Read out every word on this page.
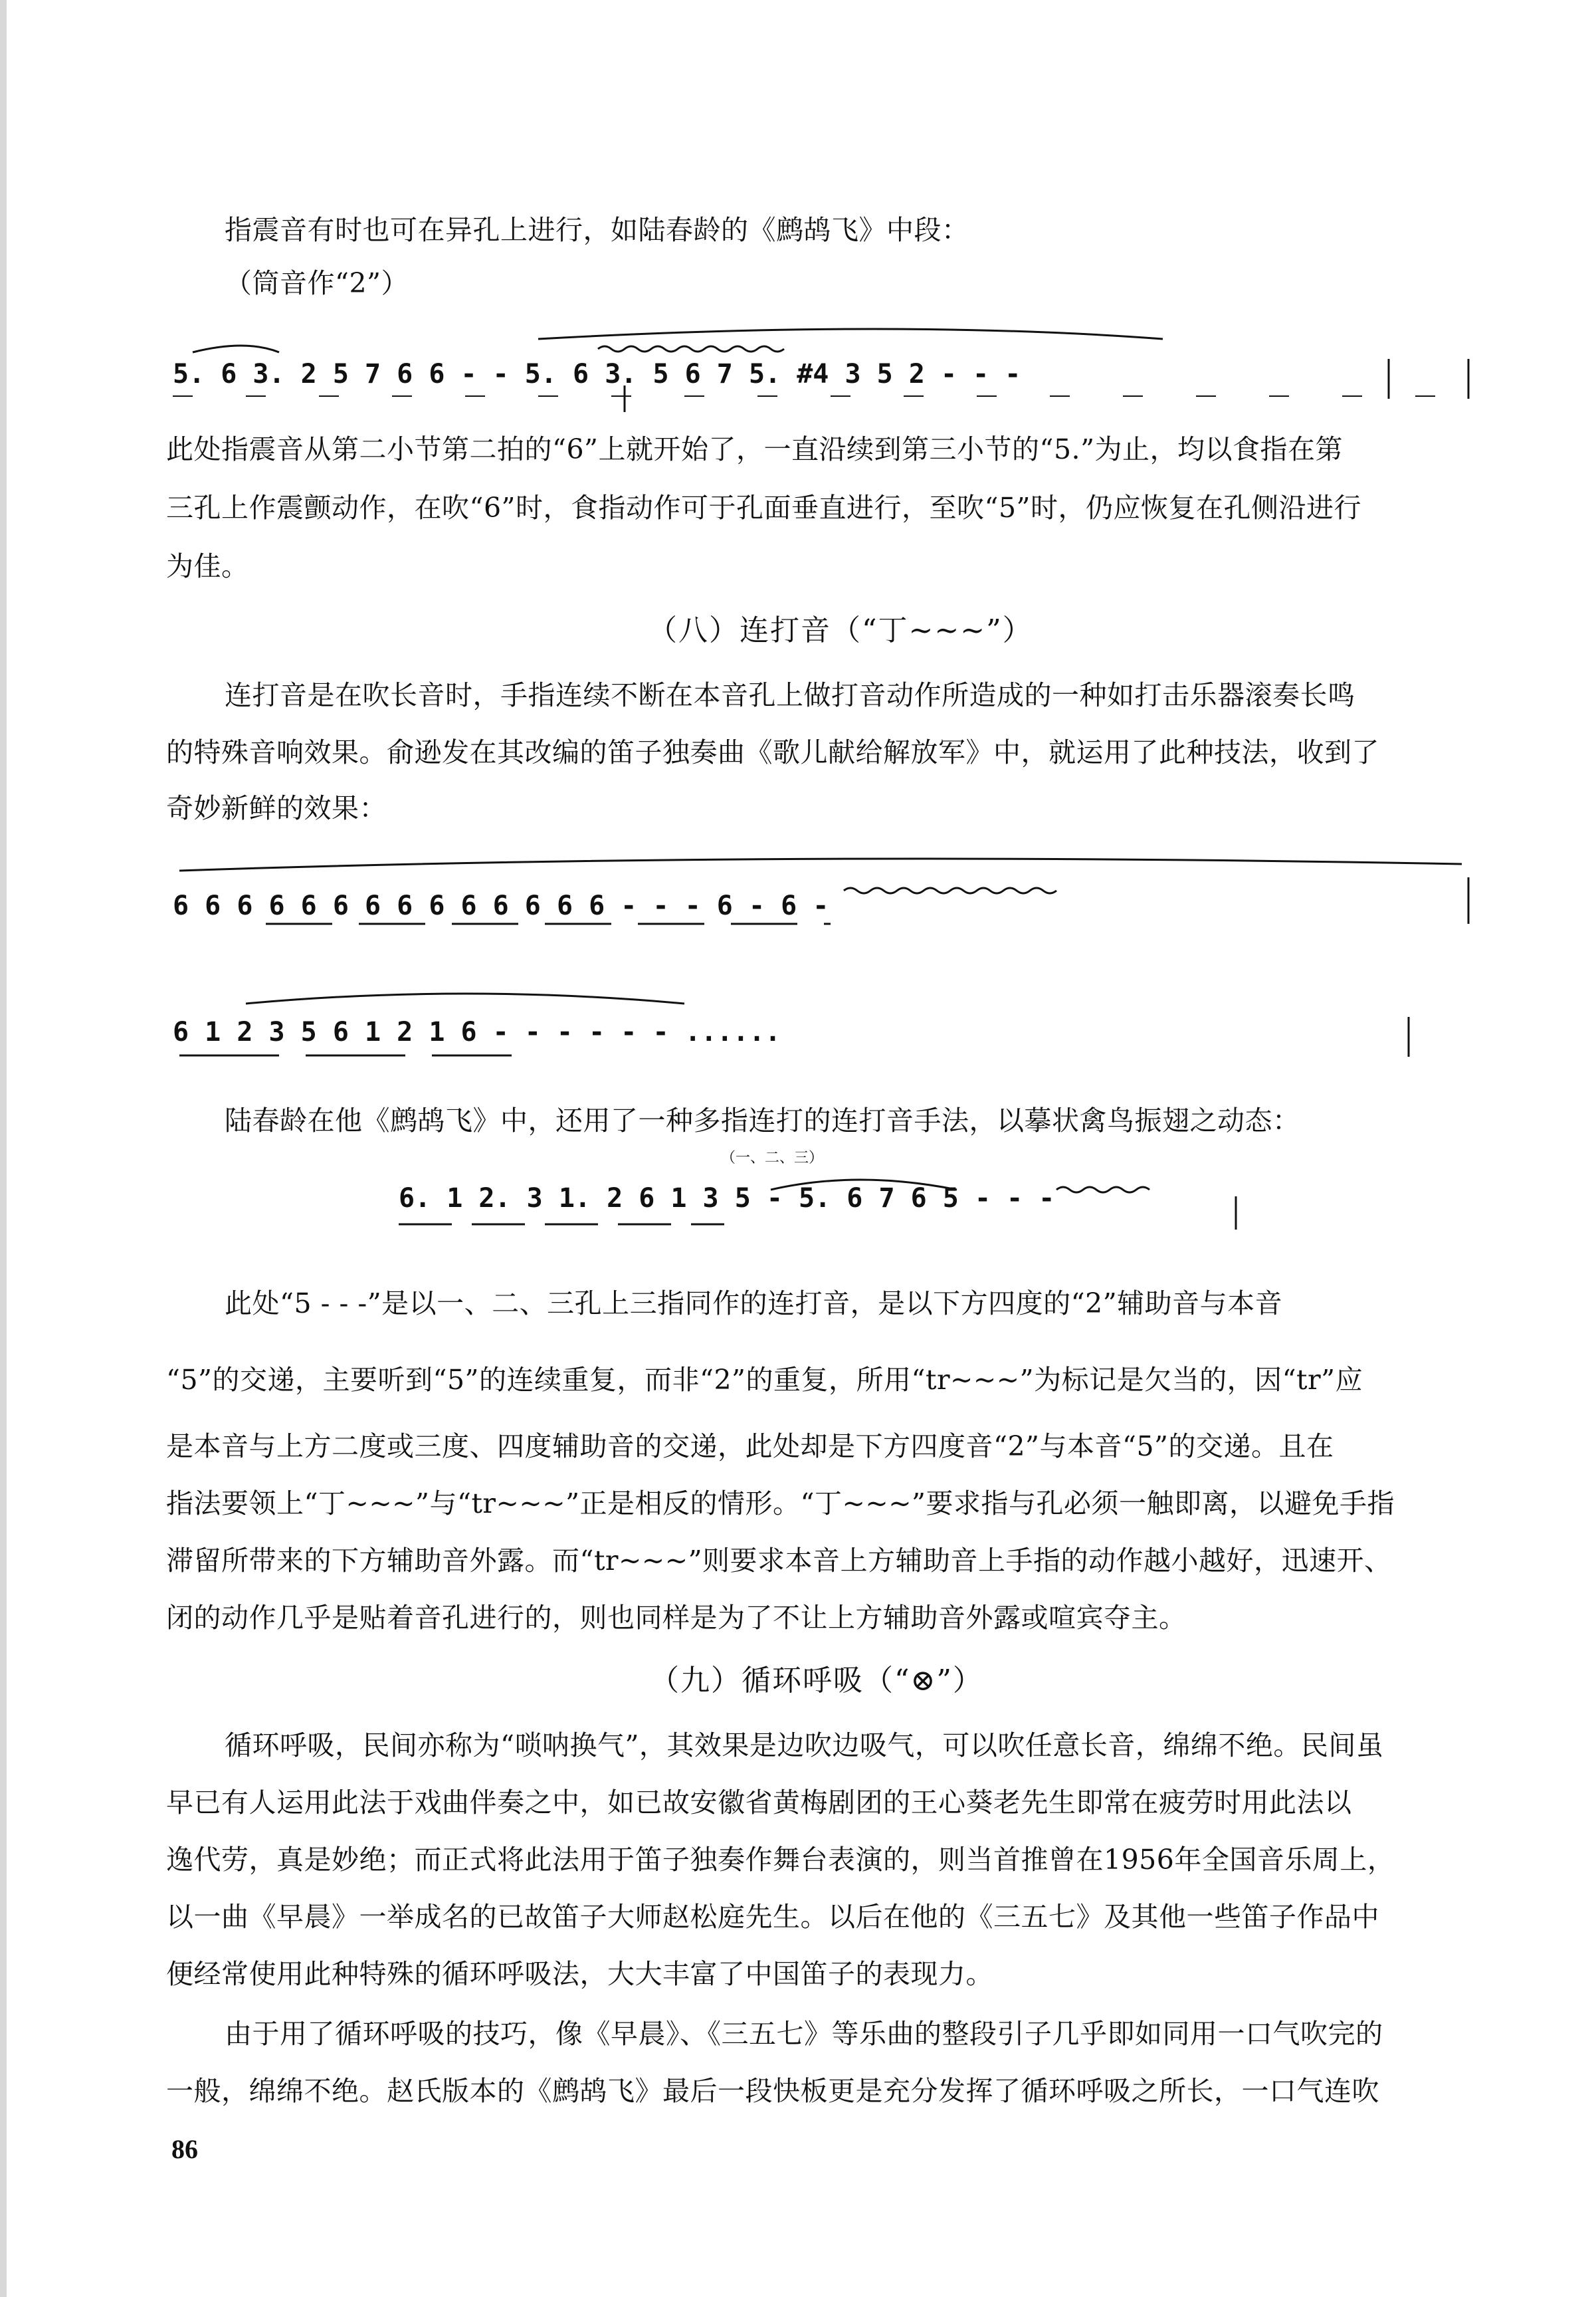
指震音有时也可在异孔上进行，如陆春龄的《鹧鸪飞》中段：
（筒音作“2”）
5. 6 3. 2 5 7 6 6 - - 5. 6 3. 5 6 7 5. #4 3 5 2 - - -
此处指震音从第二小节第二拍的“6”上就开始了，一直沿续到第三小节的“5.”为止，均以食指在第
三孔上作震颤动作，在吹“6”时，食指动作可于孔面垂直进行，至吹“5”时，仍应恢复在孔侧沿进行
为佳。
（八）连打音（“丁~~~”）
连打音是在吹长音时，手指连续不断在本音孔上做打音动作所造成的一种如打击乐器滚奏长鸣
的特殊音响效果。俞逊发在其改编的笛子独奏曲《歌儿献给解放军》中，就运用了此种技法，收到了
奇妙新鲜的效果：
6 6 6 6 6 6 6 6 6 6 6 6 6 6 - - - 6 - 6 -
6 1 2 3 5 6 1 2 1 6 - - - - - - ......
陆春龄在他《鹧鸪飞》中，还用了一种多指连打的连打音手法，以摹状禽鸟振翅之动态：
（一、二、三）
6. 1 2. 3 1. 2 6 1 3 5 - 5. 6 7 6 5 - - -
此处“5 - - -”是以一、二、三孔上三指同作的连打音，是以下方四度的“2”辅助音与本音
“5”的交递，主要听到“5”的连续重复，而非“2”的重复，所用“tr~~~”为标记是欠当的，因“tr”应
是本音与上方二度或三度、四度辅助音的交递，此处却是下方四度音“2”与本音“5”的交递。且在
指法要领上“丁~~~”与“tr~~~”正是相反的情形。“丁~~~”要求指与孔必须一触即离，以避免手指
滞留所带来的下方辅助音外露。而“tr~~~”则要求本音上方辅助音上手指的动作越小越好，迅速开、
闭的动作几乎是贴着音孔进行的，则也同样是为了不让上方辅助音外露或喧宾夺主。
（九）循环呼吸（“⊗”）
循环呼吸，民间亦称为“唢呐换气”，其效果是边吹边吸气，可以吹任意长音，绵绵不绝。民间虽
早已有人运用此法于戏曲伴奏之中，如已故安徽省黄梅剧团的王心葵老先生即常在疲劳时用此法以
逸代劳，真是妙绝；而正式将此法用于笛子独奏作舞台表演的，则当首推曾在1956年全国音乐周上，
以一曲《早晨》一举成名的已故笛子大师赵松庭先生。以后在他的《三五七》及其他一些笛子作品中
便经常使用此种特殊的循环呼吸法，大大丰富了中国笛子的表现力。
由于用了循环呼吸的技巧，像《早晨》、《三五七》等乐曲的整段引子几乎即如同用一口气吹完的
一般，绵绵不绝。赵氏版本的《鹧鸪飞》最后一段快板更是充分发挥了循环呼吸之所长，一口气连吹
86
